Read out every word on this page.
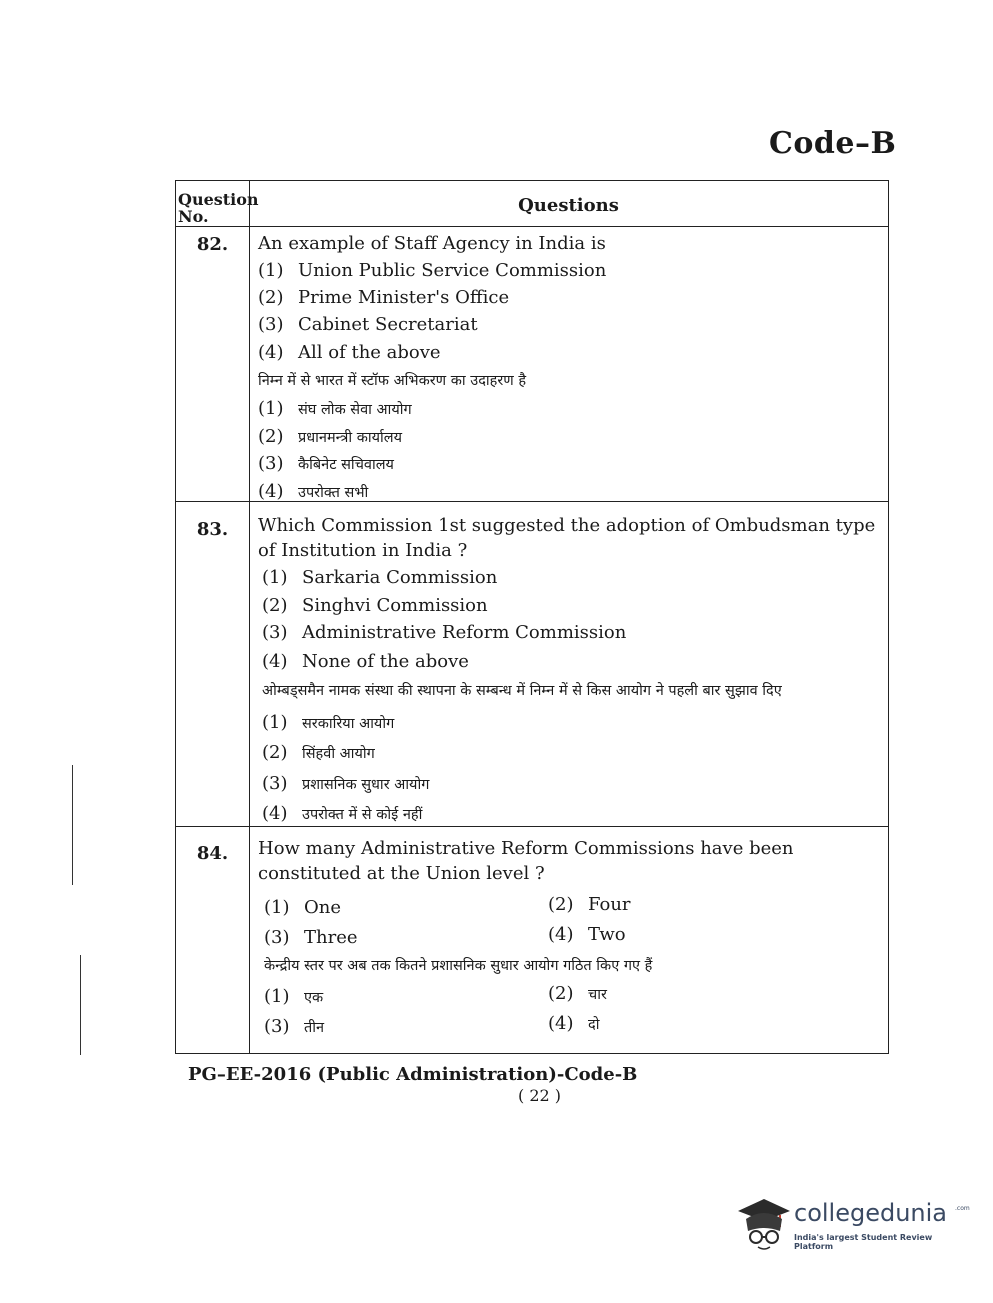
Code–B
Question No.
Questions
82.	An example of Staff Agency in India is
(1) Union Public Service Commission
(2) Prime Minister's Office
(3) Cabinet Secretariat
(4) All of the above
निम्न में से भारत में स्टॉफ अभिकरण का उदाहरण है
(1) संघ लोक सेवा आयोग
(2) प्रधानमन्त्री कार्यालय
(3) कैबिनेट सचिवालय
(4) उपरोक्त सभी
83.	Which Commission 1st suggested the adoption of Ombudsman type of Institution in India ?
(1) Sarkaria Commission
(2) Singhvi Commission
(3) Administrative Reform Commission
(4) None of the above
ओम्बड्समैन नामक संस्था की स्थापना के सम्बन्ध में निम्न में से किस आयोग ने पहली बार सुझाव दिए
(1) सरकारिया आयोग
(2) सिंहवी आयोग
(3) प्रशासनिक सुधार आयोग
(4) उपरोक्त में से कोई नहीं
84.	How many Administrative Reform Commissions have been constituted at the Union level ?
(1) One	(2) Four
(3) Three	(4) Two
केन्द्रीय स्तर पर अब तक कितने प्रशासनिक सुधार आयोग गठित किए गए हैं
(1) एक	(2) चार
(3) तीन	(4) दो
PG–EE-2016 (Public Administration)-Code-B
( 22 )
collegedunia .com
India's largest Student Review Platform
